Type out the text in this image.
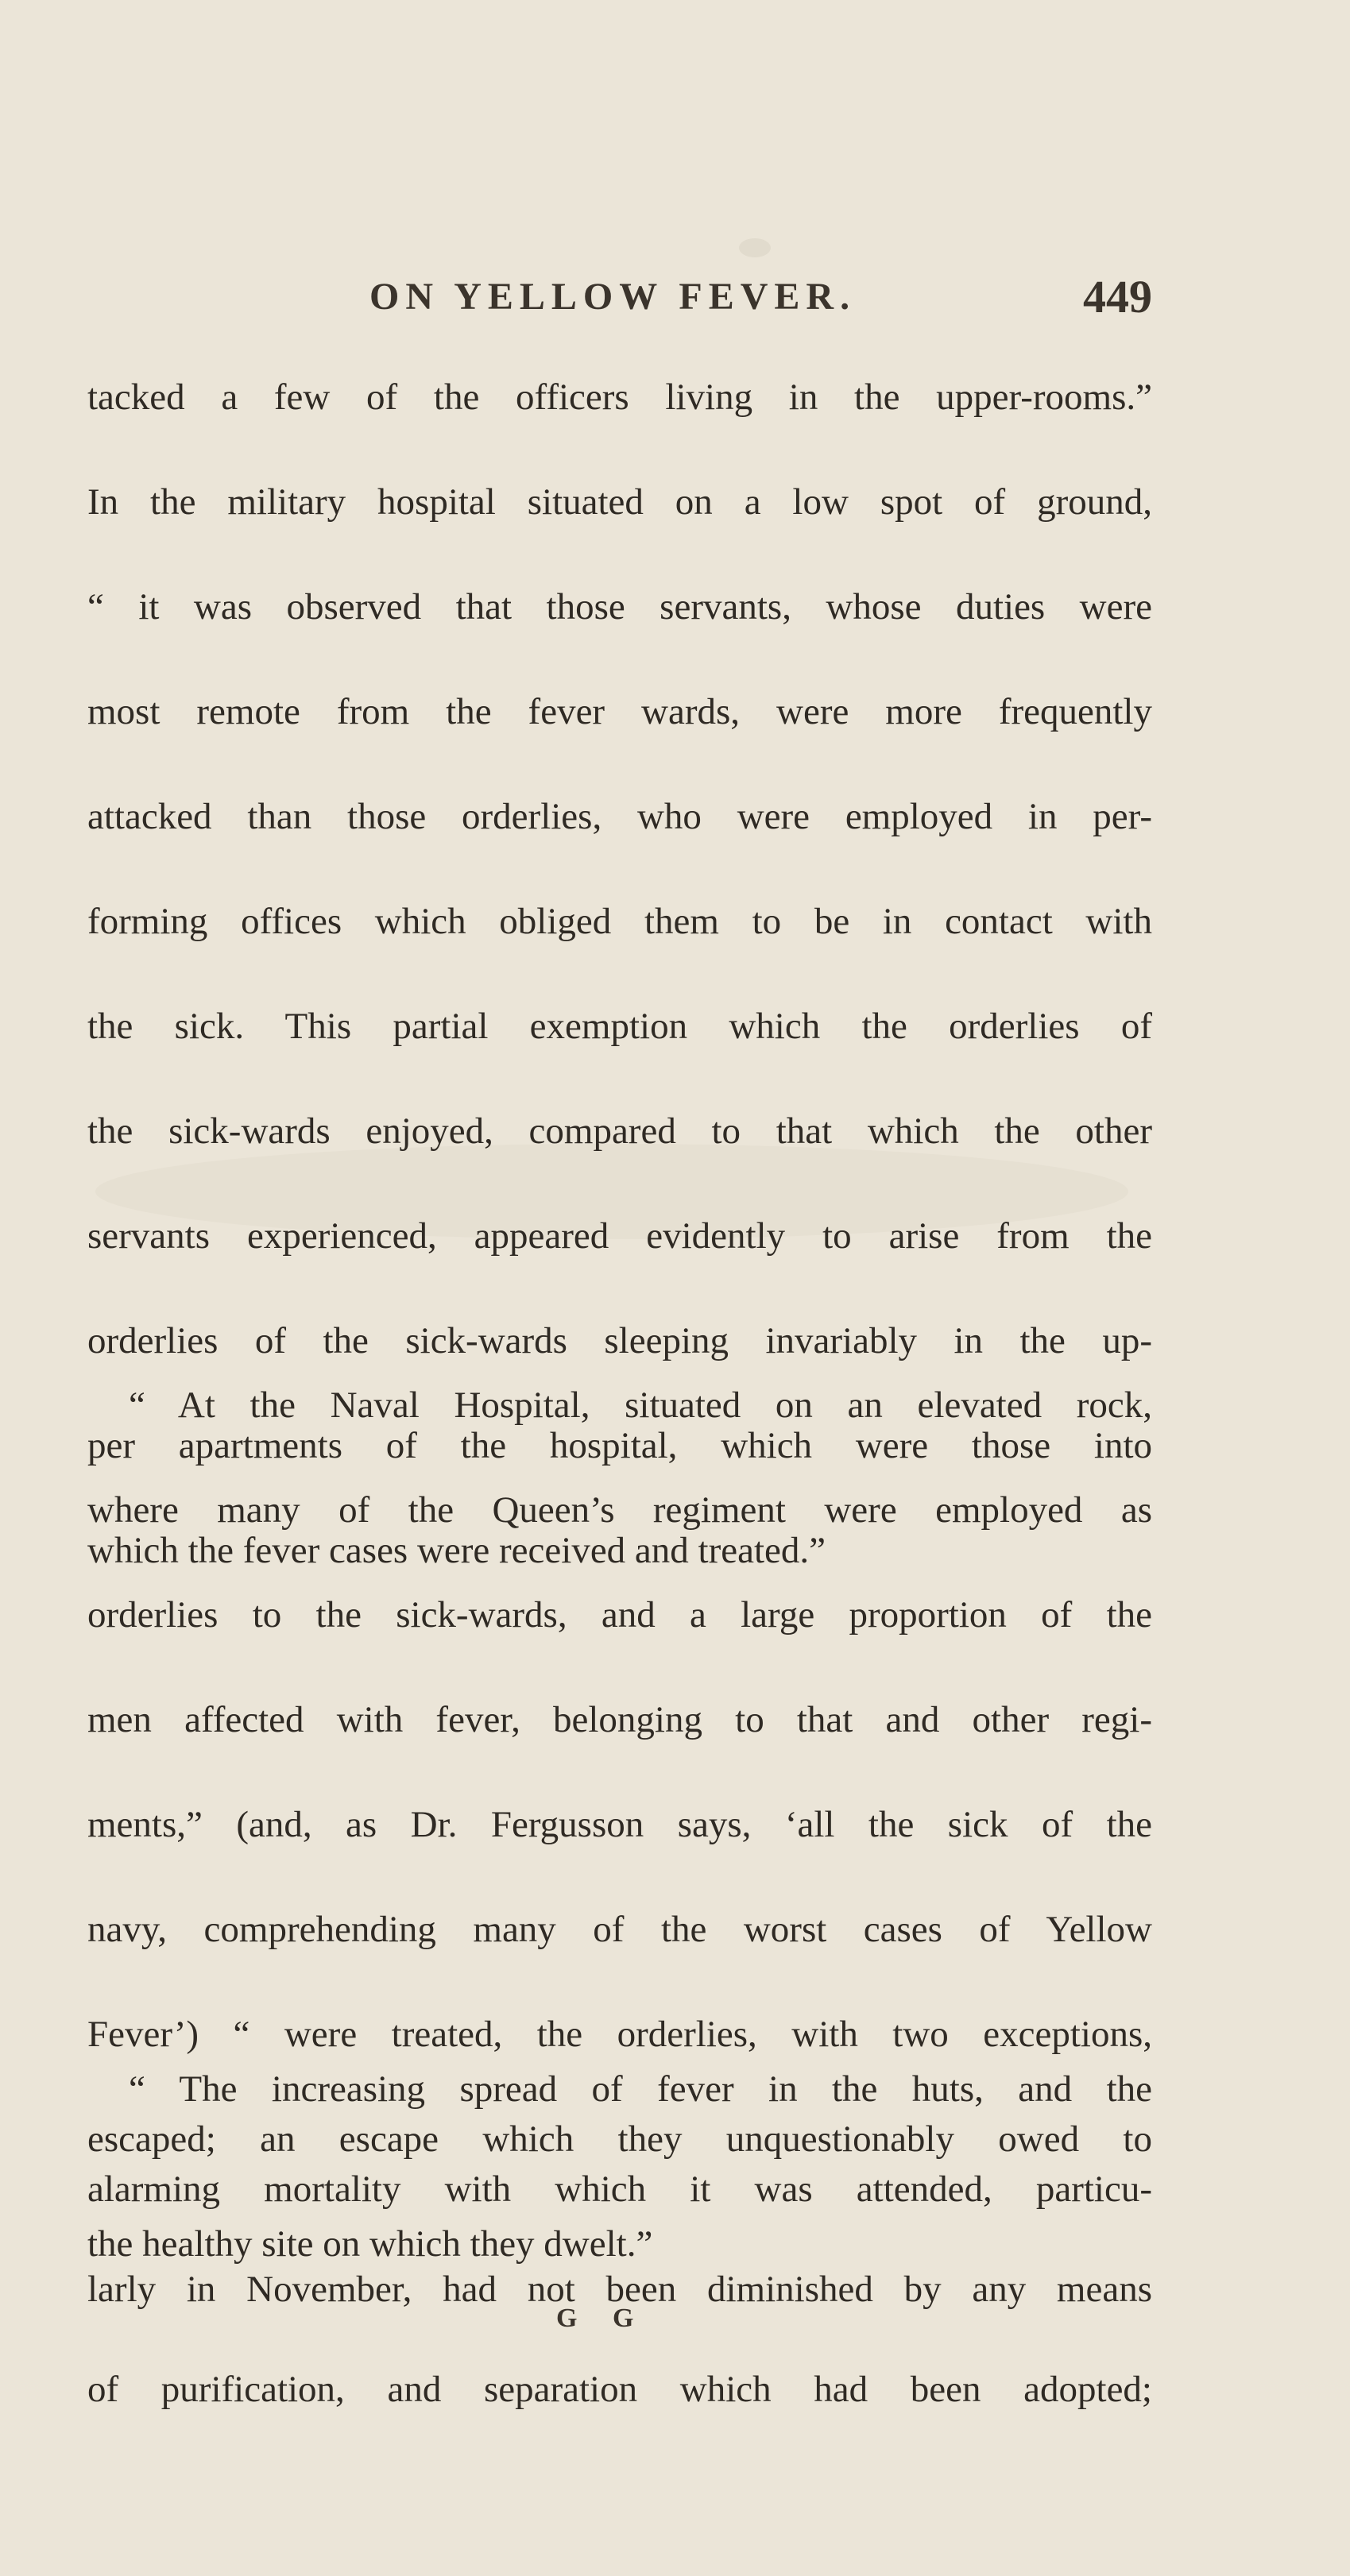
ON YELLOW FEVER.	449
tacked a few of the officers living in the upper-rooms.”
In the military hospital situated on a low spot of ground,
“ it was observed that those servants, whose duties were
most remote from the fever wards, were more frequently
attacked than those orderlies, who were employed in per-
forming offices which obliged them to be in contact with
the sick. This partial exemption which the orderlies of
the sick-wards enjoyed, compared to that which the other
servants experienced, appeared evidently to arise from the
orderlies of the sick-wards sleeping invariably in the up-
per apartments of the hospital, which were those into
which the fever cases were received and treated.”
“ At the Naval Hospital, situated on an elevated rock,
where many of the Queen’s regiment were employed as
orderlies to the sick-wards, and a large proportion of the
men affected with fever, belonging to that and other regi-
ments,” (and, as Dr. Fergusson says, ‘all the sick of the
navy, comprehending many of the worst cases of Yellow
Fever’) “ were treated, the orderlies, with two exceptions,
escaped; an escape which they unquestionably owed to
the healthy site on which they dwelt.”
“ The increasing spread of fever in the huts, and the
alarming mortality with which it was attended, particu-
larly in November, had not been diminished by any means
of purification, and separation which had been adopted;
G G
